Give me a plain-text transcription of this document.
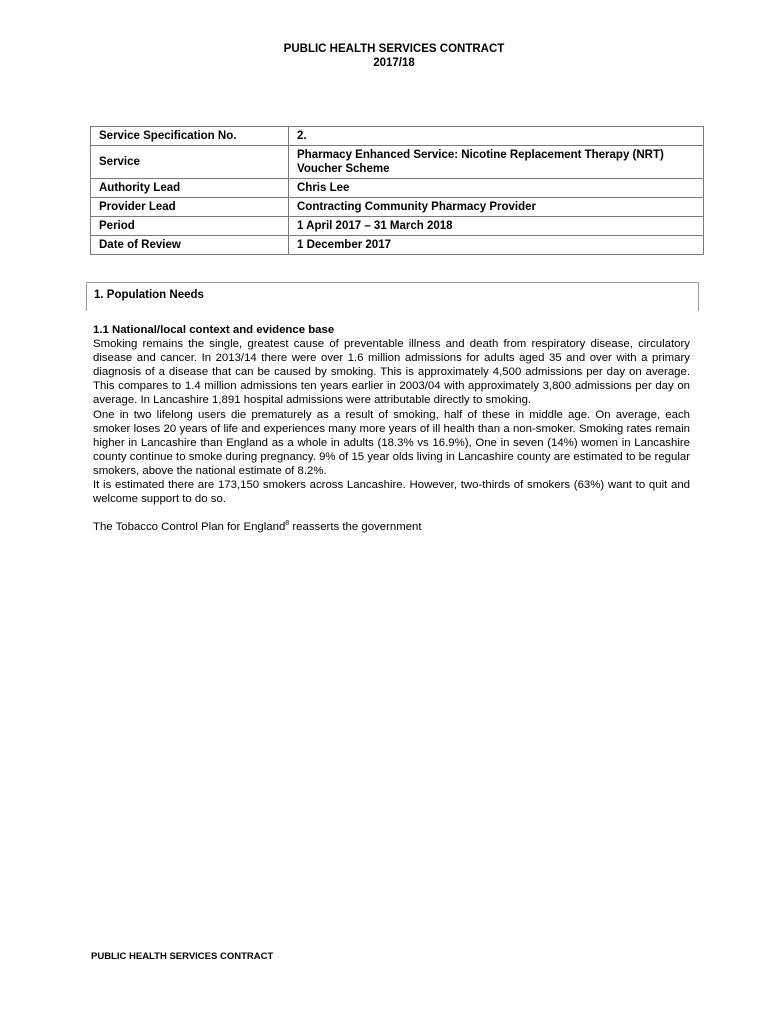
PUBLIC HEALTH SERVICES CONTRACT
2017/18
Service Specification No.	2.
Service	Pharmacy Enhanced Service: Nicotine Replacement Therapy (NRT) Voucher Scheme
Authority Lead	Chris Lee
Provider Lead	Contracting Community Pharmacy Provider
Period	1 April 2017 – 31 March 2018
Date of Review	1 December 2017
1. Population Needs

1.1 National/local context and evidence base

Smoking remains the single, greatest cause of preventable illness and death from respiratory disease, circulatory disease and cancer. In 2013/14 there were over 1.6 million admissions for adults aged 35 and over with a primary diagnosis of a disease that can be caused by smoking. This is approximately 4,500 admissions per day on average. This compares to 1.4 million admissions ten years earlier in 2003/04 with approximately 3,800 admissions per day on average. In Lancashire 1,891 hospital admissions were attributable directly to smoking.

One in two lifelong users die prematurely as a result of smoking, half of these in middle age. On average, each smoker loses 20 years of life and experiences many more years of ill health than a non-smoker. Smoking rates remain higher in Lancashire than England as a whole in adults (18.3% vs 16.9%), One in seven (14%) women in Lancashire county continue to smoke during pregnancy. 9% of 15 year olds living in Lancashire county are estimated to be regular smokers, above the national estimate of 8.2%.

It is estimated there are 173,150 smokers across Lancashire. However, two-thirds of smokers (63%) want to quit and welcome support to do so.

The Tobacco Control Plan for England$^8$ reasserts the government

PUBLIC HEALTH SERVICES CONTRACT
